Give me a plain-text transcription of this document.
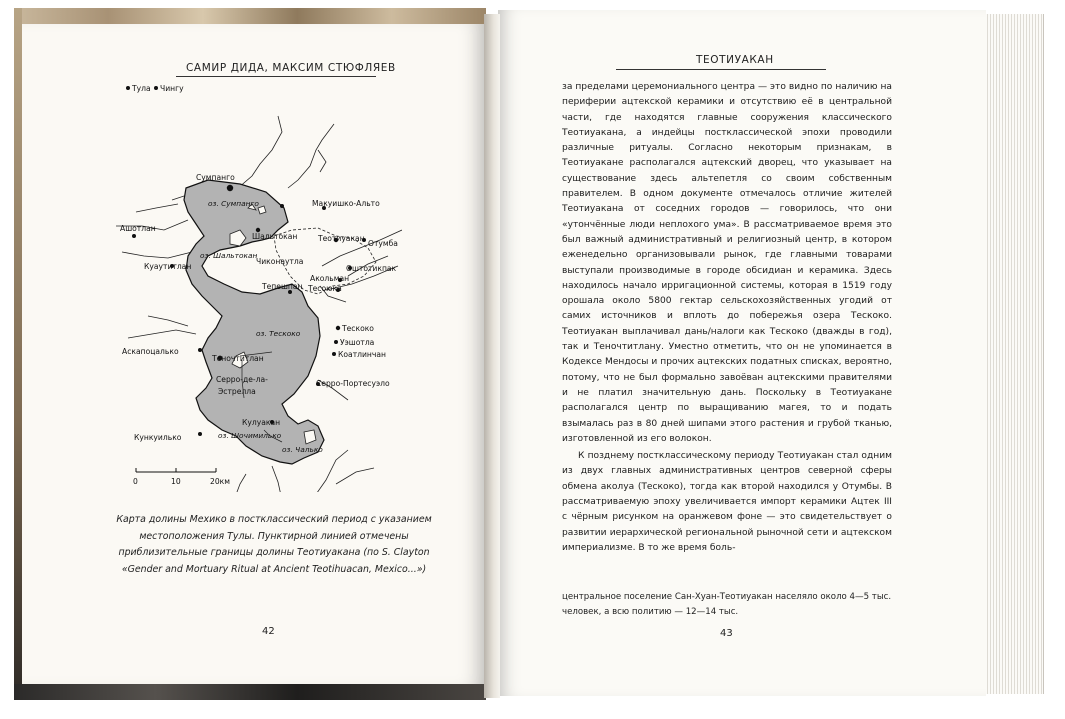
САМИР ДИДА, МАКСИМ СТЮФЛЯЕВ
Тула Чингу
Сумпанго
Макуишко-Альто
Ашотлан
Шальтокан	Теотиуакан
Отумба
Куаутитлан
Чиконаутла
Оштотикпак
Акольман
Тепешпан Тесоюка
Тескоко
Уэшотла
Коатлинчан
Аскапоцалько
Теночтитлан
Серро-де-ла-
Эстрелла
Серро-Портесуэло
Кулуакан
Кункуилько
оз. Сумпанго
оз. Шальтокан
оз. Тескоко
оз. Шочимилько
оз. Чалько
0	10	20км
Карта долины Мехико в постклассический период с указанием местоположения Тулы. Пунктирной линией отмечены приблизительные границы долины Теотиуакана (по S. Clayton «Gender and Mortuary Ritual at Ancient Teotihuacan, Mexico...»)
42
ТЕОТИУАКАН

за пределами церемониального центра — это видно по наличию на периферии ацтекской керамики и отсутствию её в центральной части, где находятся главные сооружения классического Теотиуакана, а индейцы постклассической эпохи проводили различные ритуалы. Согласно некоторым признакам, в Теотиуакане располагался ацтекский дворец, что указывает на существование здесь альтепетля со своим собственным правителем. В одном документе отмечалось отличие жителей Теотиуакана от соседних городов — говорилось, что они «утончённые люди неплохого ума». В рассматриваемое время это был важный административный и религиозный центр, в котором еженедельно организовывали рынок, где главными товарами выступали производимые в городе обсидиан и керамика. Здесь находилось начало ирригационной системы, которая в 1519 году орошала около 5800 гектар сельскохозяйственных угодий от самих источников и вплоть до побережья озера Тескоко. Теотиуакан выплачивал дань/налоги как Тескоко (дважды в год), так и Теночтитлану. Уместно отметить, что он не упоминается в Кодексе Мендосы и прочих ацтекских податных списках, вероятно, потому, что не был формально завоёван ацтекскими правителями и не платил значительную дань. Поскольку в Теотиуакане располагался центр по выращиванию магея, то и подать взымалась раз в 80 дней шипами этого растения и грубой тканью, изготовленной из его волокон.

К позднему постклассическому периоду Теотиуакан стал одним из двух главных административных центров северной сферы обмена аколуа (Тескоко), тогда как второй находился у Отумбы. В рассматриваемую эпоху увеличивается импорт керамики Ацтек III с чёрным рисунком на оранжевом фоне — это свидетельствует о развитии иерархической региональной рыночной сети и ацтекском империализме. В то же время боль-

центральное поселение Сан-Хуан-Теотиуакан населяло около 4—5 тыс. человек, а всю политию — 12—14 тыс.
43
